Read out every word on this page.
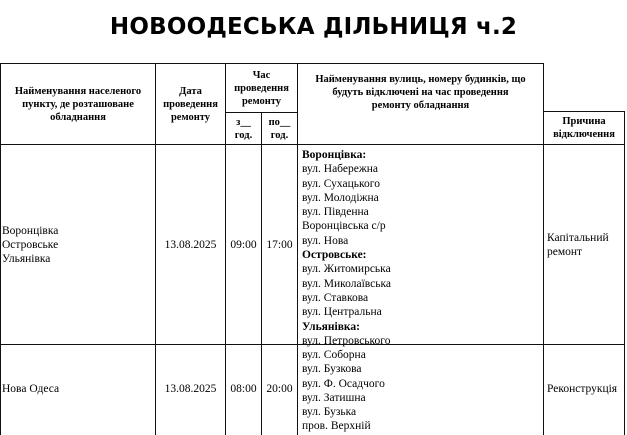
НОВООДЕСЬКА ДІЛЬНИЦЯ ч.2
Найменування населеного
пункту, де розташоване
обладнання
Дата
проведення
ремонту
Час
проведення
ремонту
з__
год.
по__
год.
Найменування вулиць, номеру будинків, що
будуть відключені на час проведення
ремонту обладнання
Причина
відключення
Воронцівка
Островське
Ульянівка
13.08.2025 09:00 17:00
Воронцівка:
вул. Набережна
вул. Сухацького
вул. Молодіжна
вул. Південна
Воронцівська с/р
вул. Нова
Островське:
вул. Житомирська
вул. Миколаївська
вул. Ставкова
вул. Центральна
Ульянівка:
вул. Петровського
Капітальний
ремонт
Нова Одеса	13.08.2025 08:00 20:00
вул. Соборна
вул. Бузкова
вул. Ф. Осадчого
вул. Затишна
вул. Бузька
пров. Верхній
Реконструкція
